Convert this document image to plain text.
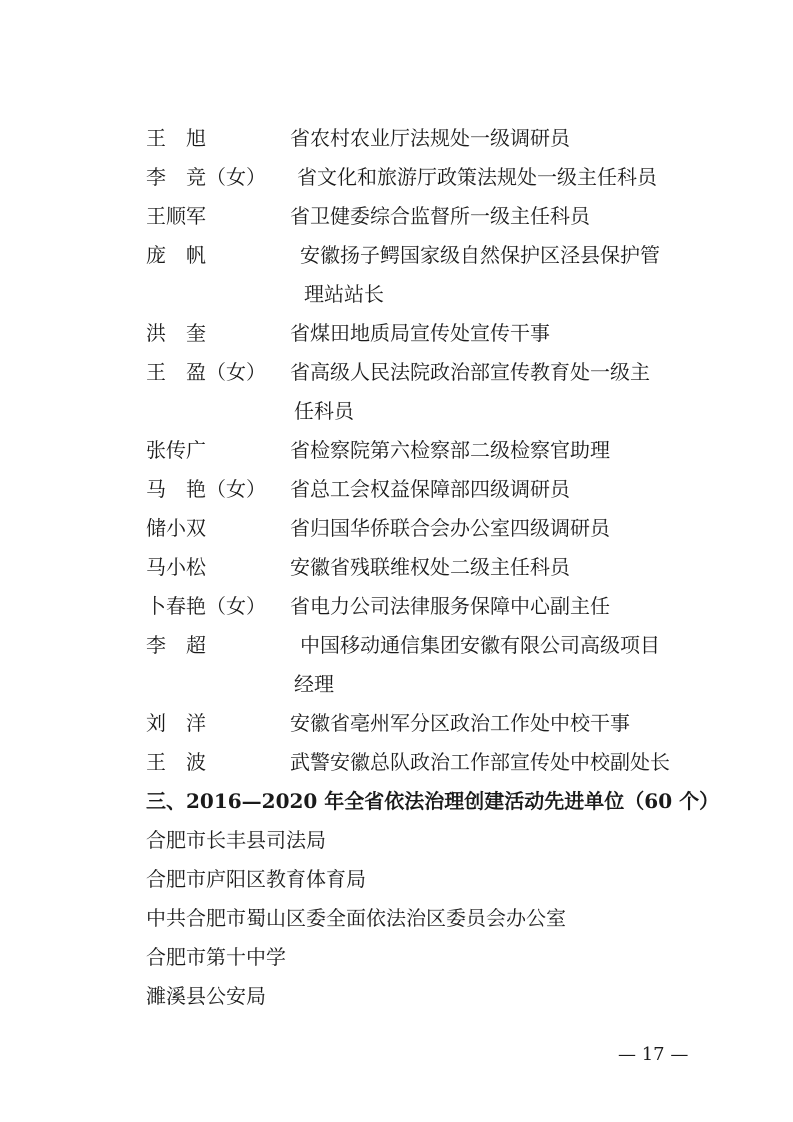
王　旭	省农村农业厅法规处一级调研员
李　竞（女） 省文化和旅游厅政策法规处一级主任科员
王顺军	省卫健委综合监督所一级主任科员
庞　帆	安徽扬子鳄国家级自然保护区泾县保护管
理站站长
洪　奎	省煤田地质局宣传处宣传干事
王　盈（女） 省高级人民法院政治部宣传教育处一级主
任科员
张传广	省检察院第六检察部二级检察官助理
马　艳（女） 省总工会权益保障部四级调研员
储小双	省归国华侨联合会办公室四级调研员
马小松	安徽省残联维权处二级主任科员
卜春艳（女） 省电力公司法律服务保障中心副主任
李　超	中国移动通信集团安徽有限公司高级项目
经理
刘　洋	安徽省亳州军分区政治工作处中校干事
王　波	武警安徽总队政治工作部宣传处中校副处长
三、2016—2020 年全省依法治理创建活动先进单位（60 个）
合肥市长丰县司法局
合肥市庐阳区教育体育局
中共合肥市蜀山区委全面依法治区委员会办公室
合肥市第十中学
濉溪县公安局
— 17 —
